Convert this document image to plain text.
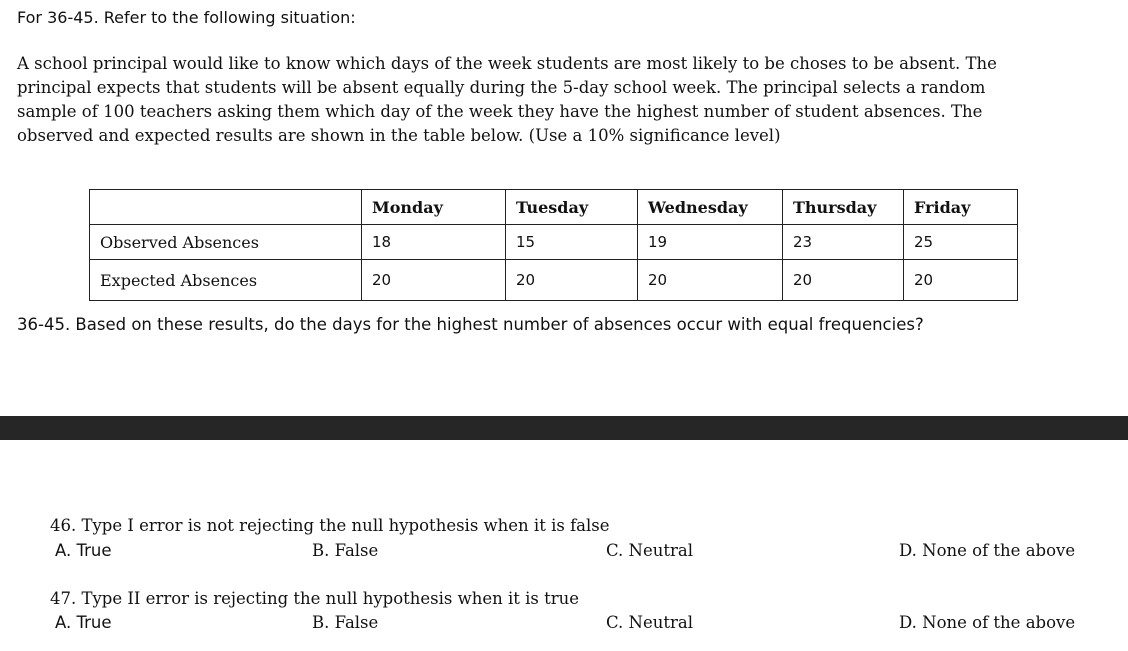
For 36-45. Refer to the following situation:
A school principal would like to know which days of the week students are most likely to be choses to be absent. The
principal expects that students will be absent equally during the 5-day school week. The principal selects a random
sample of 100 teachers asking them which day of the week they have the highest number of student absences. The
observed and expected results are shown in the table below. (Use a 10% significance level)
	Monday	Tuesday	Wednesday	Thursday	Friday
Observed Absences	18	15	19	23	25
Expected Absences	20	20	20	20	20
36-45. Based on these results, do the days for the highest number of absences occur with equal frequencies?
46. Type I error is not rejecting the null hypothesis when it is false
A. True	B. False	C. Neutral	D. None of the above
47. Type II error is rejecting the null hypothesis when it is true
A. True	B. False	C. Neutral	D. None of the above
